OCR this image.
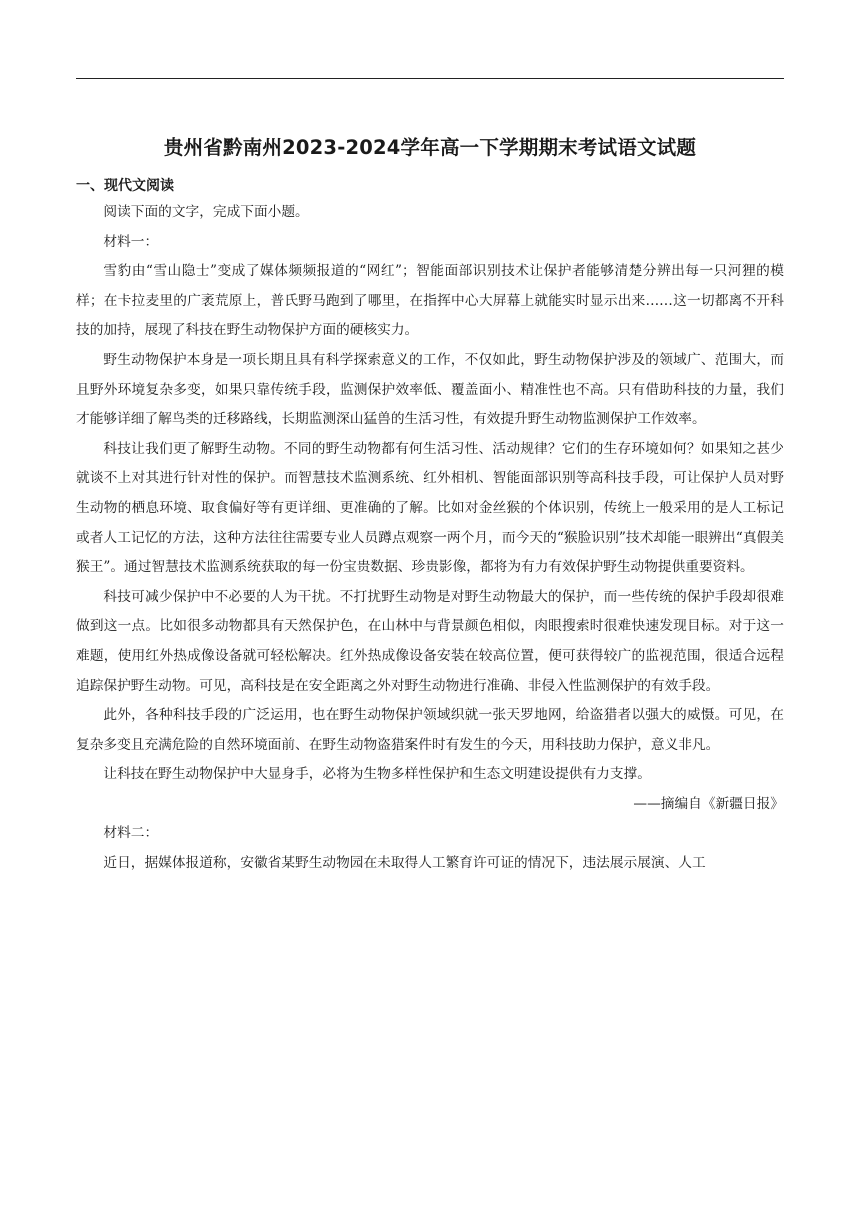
贵州省黔南州2023-2024学年高一下学期期末考试语文试题
一、现代文阅读

阅读下面的文字，完成下面小题。

材料一：

雪豹由“雪山隐士”变成了媒体频频报道的“网红”；智能面部识别技术让保护者能够清楚分辨出每一只河狸的模样；在卡拉麦里的广袤荒原上，普氏野马跑到了哪里，在指挥中心大屏幕上就能实时显示出来……这一切都离不开科技的加持，展现了科技在野生动物保护方面的硬核实力。

野生动物保护本身是一项长期且具有科学探索意义的工作，不仅如此，野生动物保护涉及的领域广、范围大，而且野外环境复杂多变，如果只靠传统手段，监测保护效率低、覆盖面小、精准性也不高。只有借助科技的力量，我们才能够详细了解鸟类的迁移路线，长期监测深山猛兽的生活习性，有效提升野生动物监测保护工作效率。

科技让我们更了解野生动物。不同的野生动物都有何生活习性、活动规律？它们的生存环境如何？如果知之甚少就谈不上对其进行针对性的保护。而智慧技术监测系统、红外相机、智能面部识别等高科技手段，可让保护人员对野生动物的栖息环境、取食偏好等有更详细、更准确的了解。比如对金丝猴的个体识别，传统上一般采用的是人工标记或者人工记忆的方法，这种方法往往需要专业人员蹲点观察一两个月，而今天的“猴脸识别”技术却能一眼辨出“真假美猴王”。通过智慧技术监测系统获取的每一份宝贵数据、珍贵影像，都将为有力有效保护野生动物提供重要资料。

科技可减少保护中不必要的人为干扰。不打扰野生动物是对野生动物最大的保护，而一些传统的保护手段却很难做到这一点。比如很多动物都具有天然保护色，在山林中与背景颜色相似，肉眼搜索时很难快速发现目标。对于这一难题，使用红外热成像设备就可轻松解决。红外热成像设备安装在较高位置，便可获得较广的监视范围，很适合远程追踪保护野生动物。可见，高科技是在安全距离之外对野生动物进行准确、非侵入性监测保护的有效手段。

此外，各种科技手段的广泛运用，也在野生动物保护领域织就一张天罗地网，给盗猎者以强大的威慑。可见，在复杂多变且充满危险的自然环境面前、在野生动物盗猎案件时有发生的今天，用科技助力保护，意义非凡。

让科技在野生动物保护中大显身手，必将为生物多样性保护和生态文明建设提供有力支撑。

——摘编自《新疆日报》

材料二：

近日，据媒体报道称，安徽省某野生动物园在未取得人工繁育许可证的情况下，违法展示展演、人工
